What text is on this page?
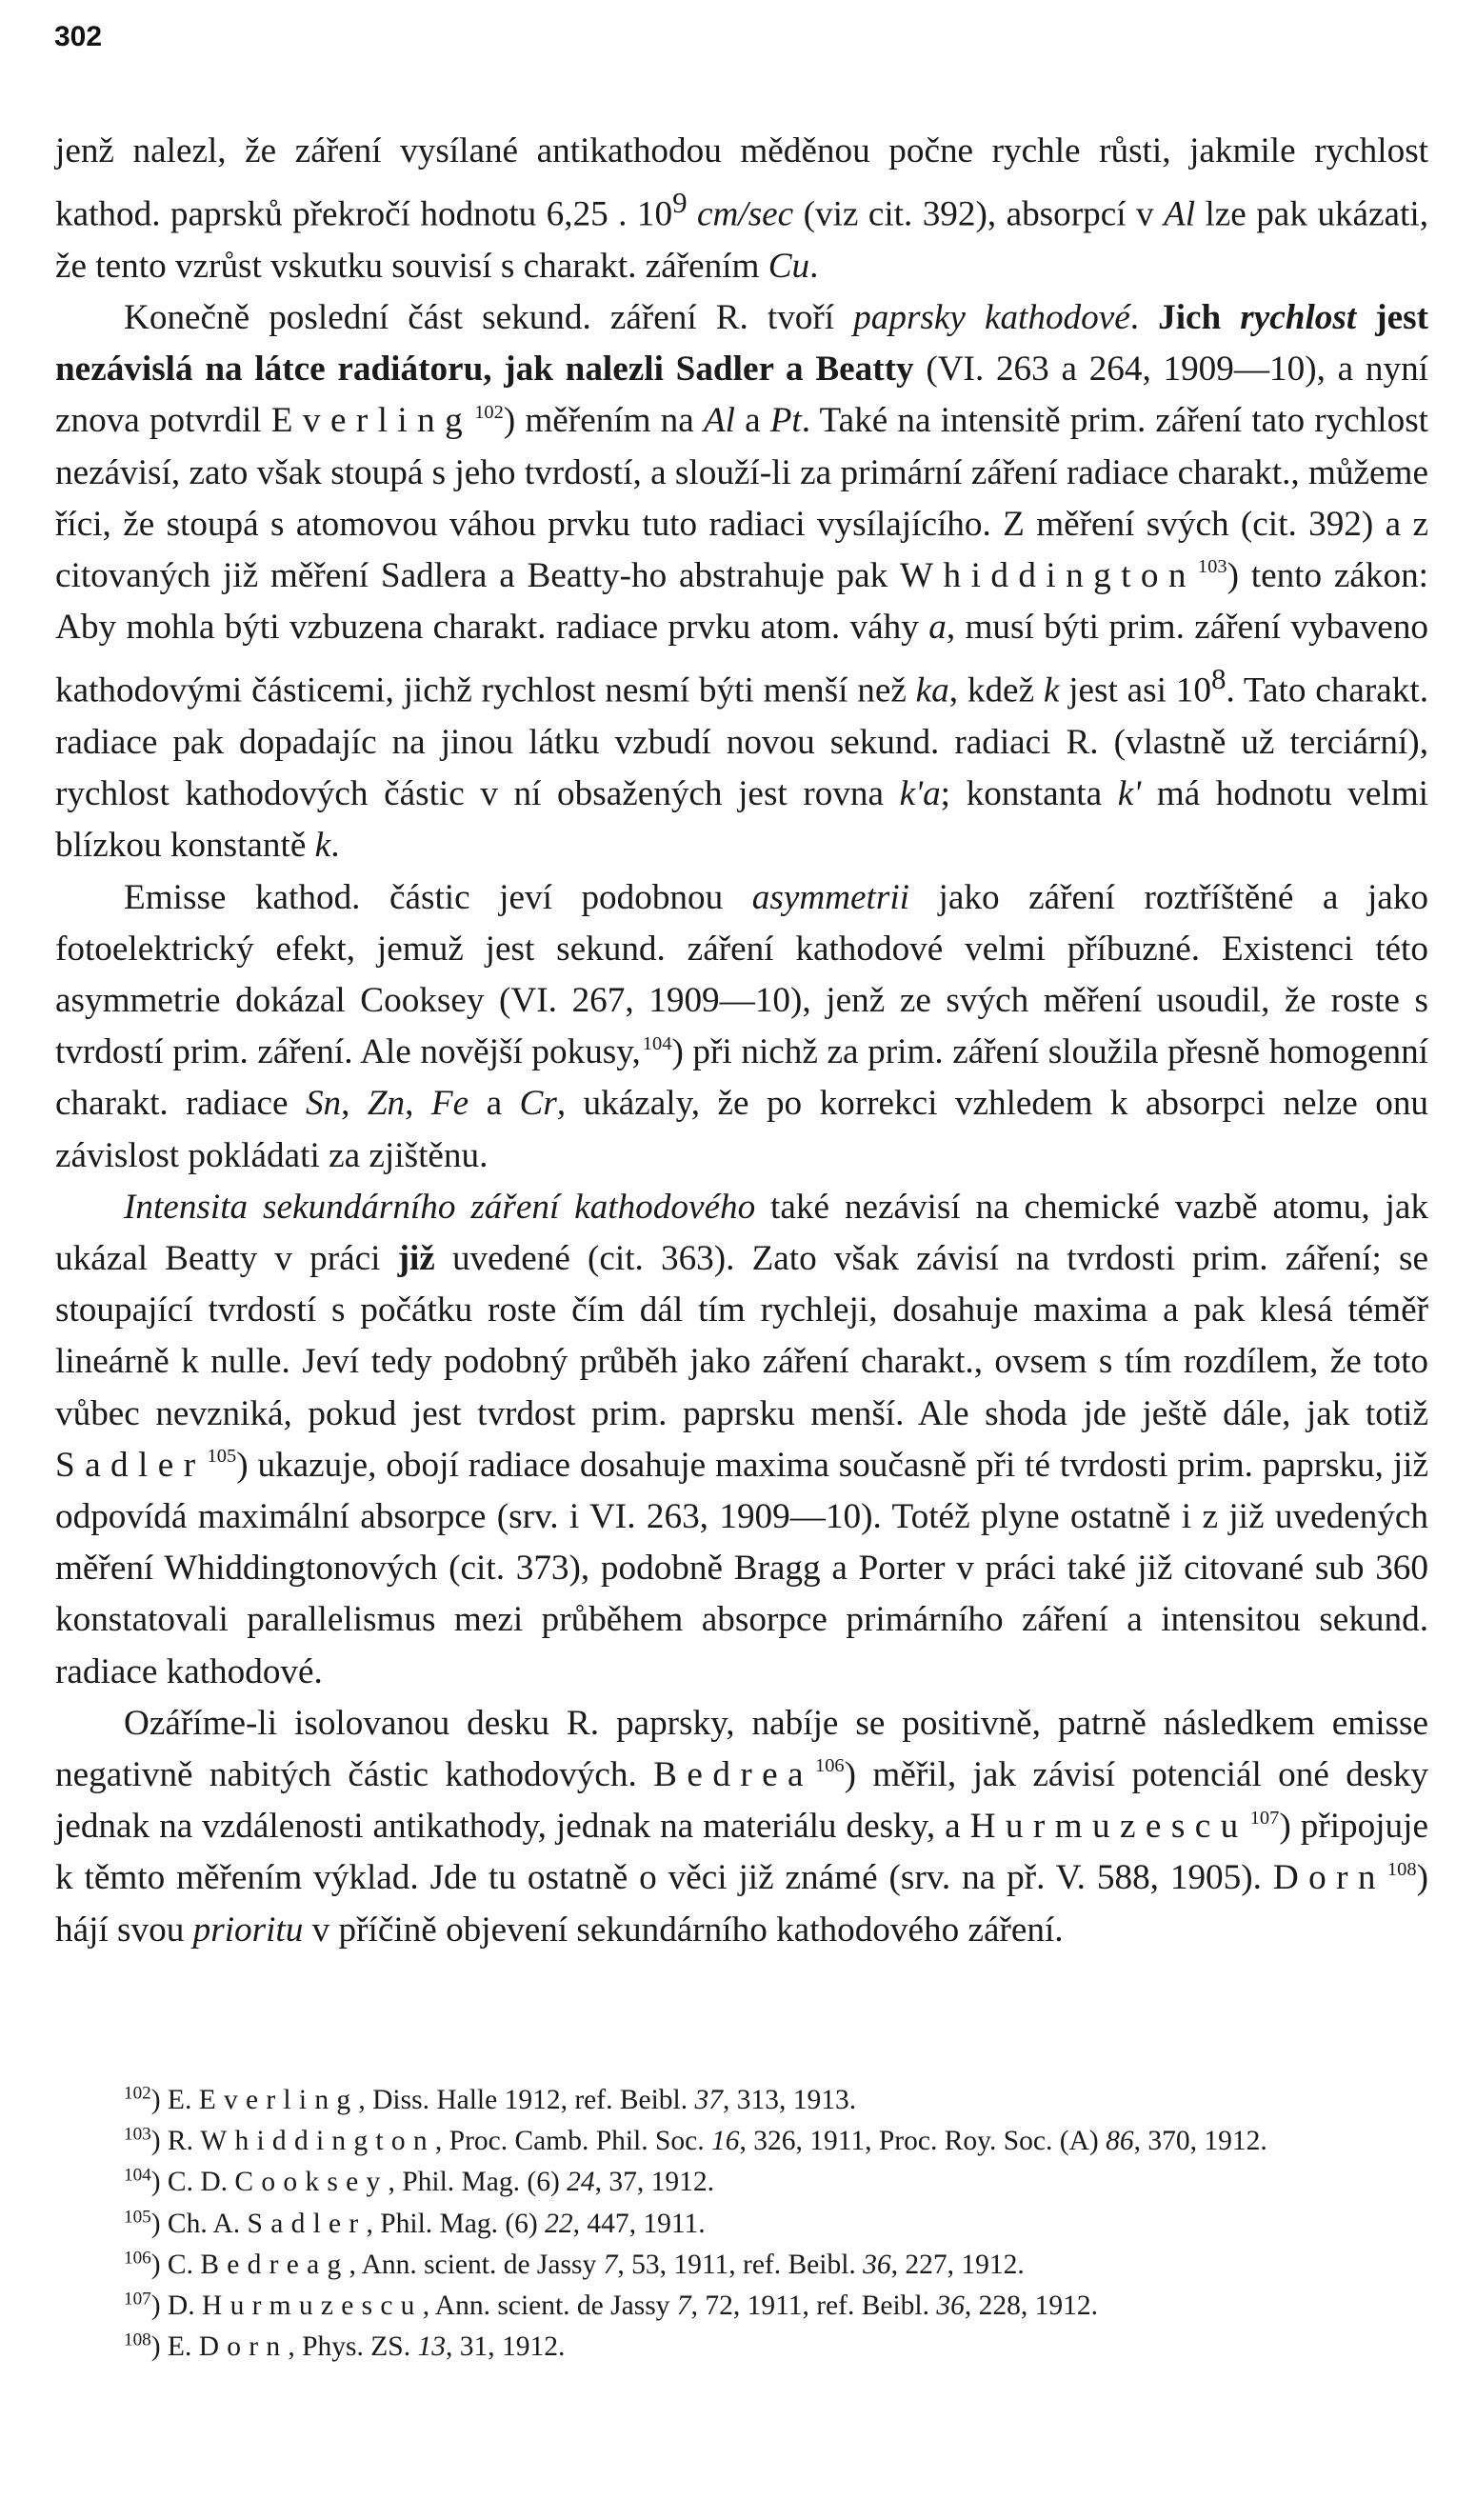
302

jenž nalezl, že záření vysílané antikathodou měděnou počne rychle růsti, jakmile rychlost kathod. paprsků překročí hodnotu 6,25 . $10^9$ cm/sec (viz cit. 392), absorpcí v Al lze pak ukázati, že tento vzrůst vskutku souvisí s charakt. zářením Cu.

Konečně poslední část sekund. záření R. tvoří paprsky kathodové. Jich rychlost jest nezávislá na látce radiátoru, jak nalezli Sadler a Beatty (VI. 263 a 264, 1909—10), a nyní znova potvrdil Everling$^{102}$) měřením na Al a Pt. Také na intensitě prim. záření tato rychlost nezávisí, zato však stoupá s jeho tvrdostí, a slouží-li za primární záření radiace charakt., můžeme říci, že stoupá s atomovou váhou prvku tuto radiaci vysílajícího. Z měření svých (cit. 392) a z citovaných již měření Sadlera a Beatty-ho abstrahuje pak Whiddington$^{103}$) tento zákon: Aby mohla býti vzbuzena charakt. radiace prvku atom. váhy a, musí býti prim. záření vybaveno kathodovými částicemi, jichž rychlost nesmí býti menší než ka, kdež k jest asi $10^8$. Tato charakt. radiace pak dopadajíc na jinou látku vzbudí novou sekund. radiaci R. (vlastně už terciární), rychlost kathodových částic v ní obsažených jest rovna k'a; konstanta k' má hodnotu velmi blízkou konstantě k.

Emisse kathod. částic jeví podobnou asymmetrii jako záření roztříštěné a jako fotoelektrický efekt, jemuž jest sekund. záření kathodové velmi příbuzné. Existenci této asymmetrie dokázal Cooksey (VI. 267, 1909—10), jenž ze svých měření usoudil, že roste s tvrdostí prim. záření. Ale novější pokusy,$^{104}$) při nichž za prim. záření sloužila přesně homogenní charakt. radiace Sn, Zn, Fe a Cr, ukázaly, že po korrekci vzhledem k absorpci nelze onu závislost pokládati za zjištěnu.

Intensita sekundárního záření kathodového také nezávisí na chemické vazbě atomu, jak ukázal Beatty v práci již uvedené (cit. 363). Zato však závisí na tvrdosti prim. záření; se stoupající tvrdostí s počátku roste čím dál tím rychleji, dosahuje maxima a pak klesá téměř lineárně k nulle. Jeví tedy podobný průběh jako záření charakt., ovsem s tím rozdílem, že toto vůbec nevzniká, pokud jest tvrdost prim. paprsku menší. Ale shoda jde ještě dále, jak totiž Sadler$^{105}$) ukazuje, obojí radiace dosahuje maxima současně při té tvrdosti prim. paprsku, již odpovídá maximální absorpce (srv. i VI. 263, 1909—10). Totéž plyne ostatně i z již uvedených měření Whiddingtonových (cit. 373), podobně Bragg a Porter v práci také již citované sub 360 konstatovali parallelismus mezi průběhem absorpce primárního záření a intensitou sekund. radiace kathodové.

Ozáříme-li isolovanou desku R. paprsky, nabíje se positivně, patrně následkem emisse negativně nabitých částic kathodových. Bedrea$^{106}$) měřil, jak závisí potenciál oné desky jednak na vzdálenosti antikathody, jednak na materiálu desky, a Hurmuzescu$^{107}$) připojuje k těmto měřením výklad. Jde tu ostatně o věci již známé (srv. na př. V. 588, 1905). Dorn$^{108}$) hájí svou prioritu v příčině objevení sekundárního kathodového záření.

$^{102}$) E. Everling, Diss. Halle 1912, ref. Beibl. 37, 313, 1913.
$^{103}$) R. Whiddington, Proc. Camb. Phil. Soc. 16, 326, 1911, Proc. Roy. Soc. (A) 86, 370, 1912.
$^{104}$) C. D. Cooksey, Phil. Mag. (6) 24, 37, 1912.
$^{105}$) Ch. A. Sadler, Phil. Mag. (6) 22, 447, 1911.
$^{106}$) C. Bedreag, Ann. scient. de Jassy 7, 53, 1911, ref. Beibl. 36, 227, 1912.
$^{107}$) D. Hurmuzescu, Ann. scient. de Jassy 7, 72, 1911, ref. Beibl. 36, 228, 1912.
$^{108}$) E. Dorn, Phys. ZS. 13, 31, 1912.
